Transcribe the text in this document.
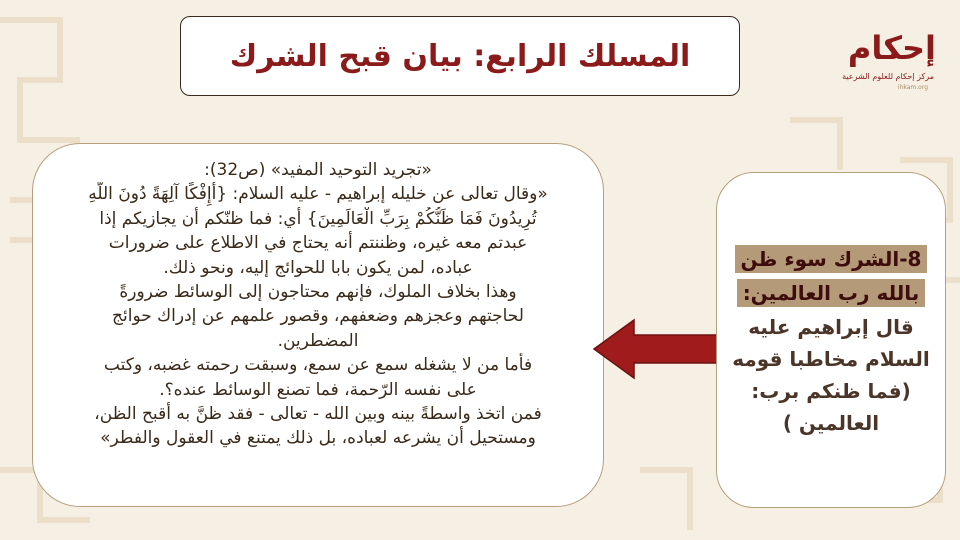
المسلك الرابع: بيان قبح الشرك	إحكام
مركز إحكام للعلوم الشرعية
ihkam.org
«تجريد التوحيد المفيد» (ص32):
«وقال تعالى عن خليله إبراهيم - عليه السلام: {أَإِفْكًا آلِهَةً دُونَ اللَّهِ
تُرِيدُونَ فَمَا ظَنُّكُمْ بِرَبِّ الْعَالَمِينَ} أي: فما ظنّكم أن يجازيكم إذا
عبدتم معه غيره، وظننتم أنه يحتاج في الاطلاع على ضرورات
عباده، لمن يكون بابا للحوائج إليه، ونحو ذلك.
وهذا بخلاف الملوك، فإنهم محتاجون إلى الوسائط ضرورةً
لحاجتهم وعجزهم وضعفهم، وقصور علمهم عن إدراك حوائج
المضطرين.
فأما من لا يشغله سمع عن سمع، وسبقت رحمته غضبه، وكتب
على نفسه الرّحمة، فما تصنع الوسائط عنده؟.
فمن اتخذ واسطةً بينه وبين الله - تعالى - فقد ظنَّ به أقبح الظن،
ومستحيل أن يشرعه لعباده، بل ذلك يمتنع في العقول والفطر»
8-الشرك سوء ظن
بالله رب العالمين:
قال إبراهيم عليه
السلام مخاطبا قومه
(فما ظنكم برب:
العالمين )
